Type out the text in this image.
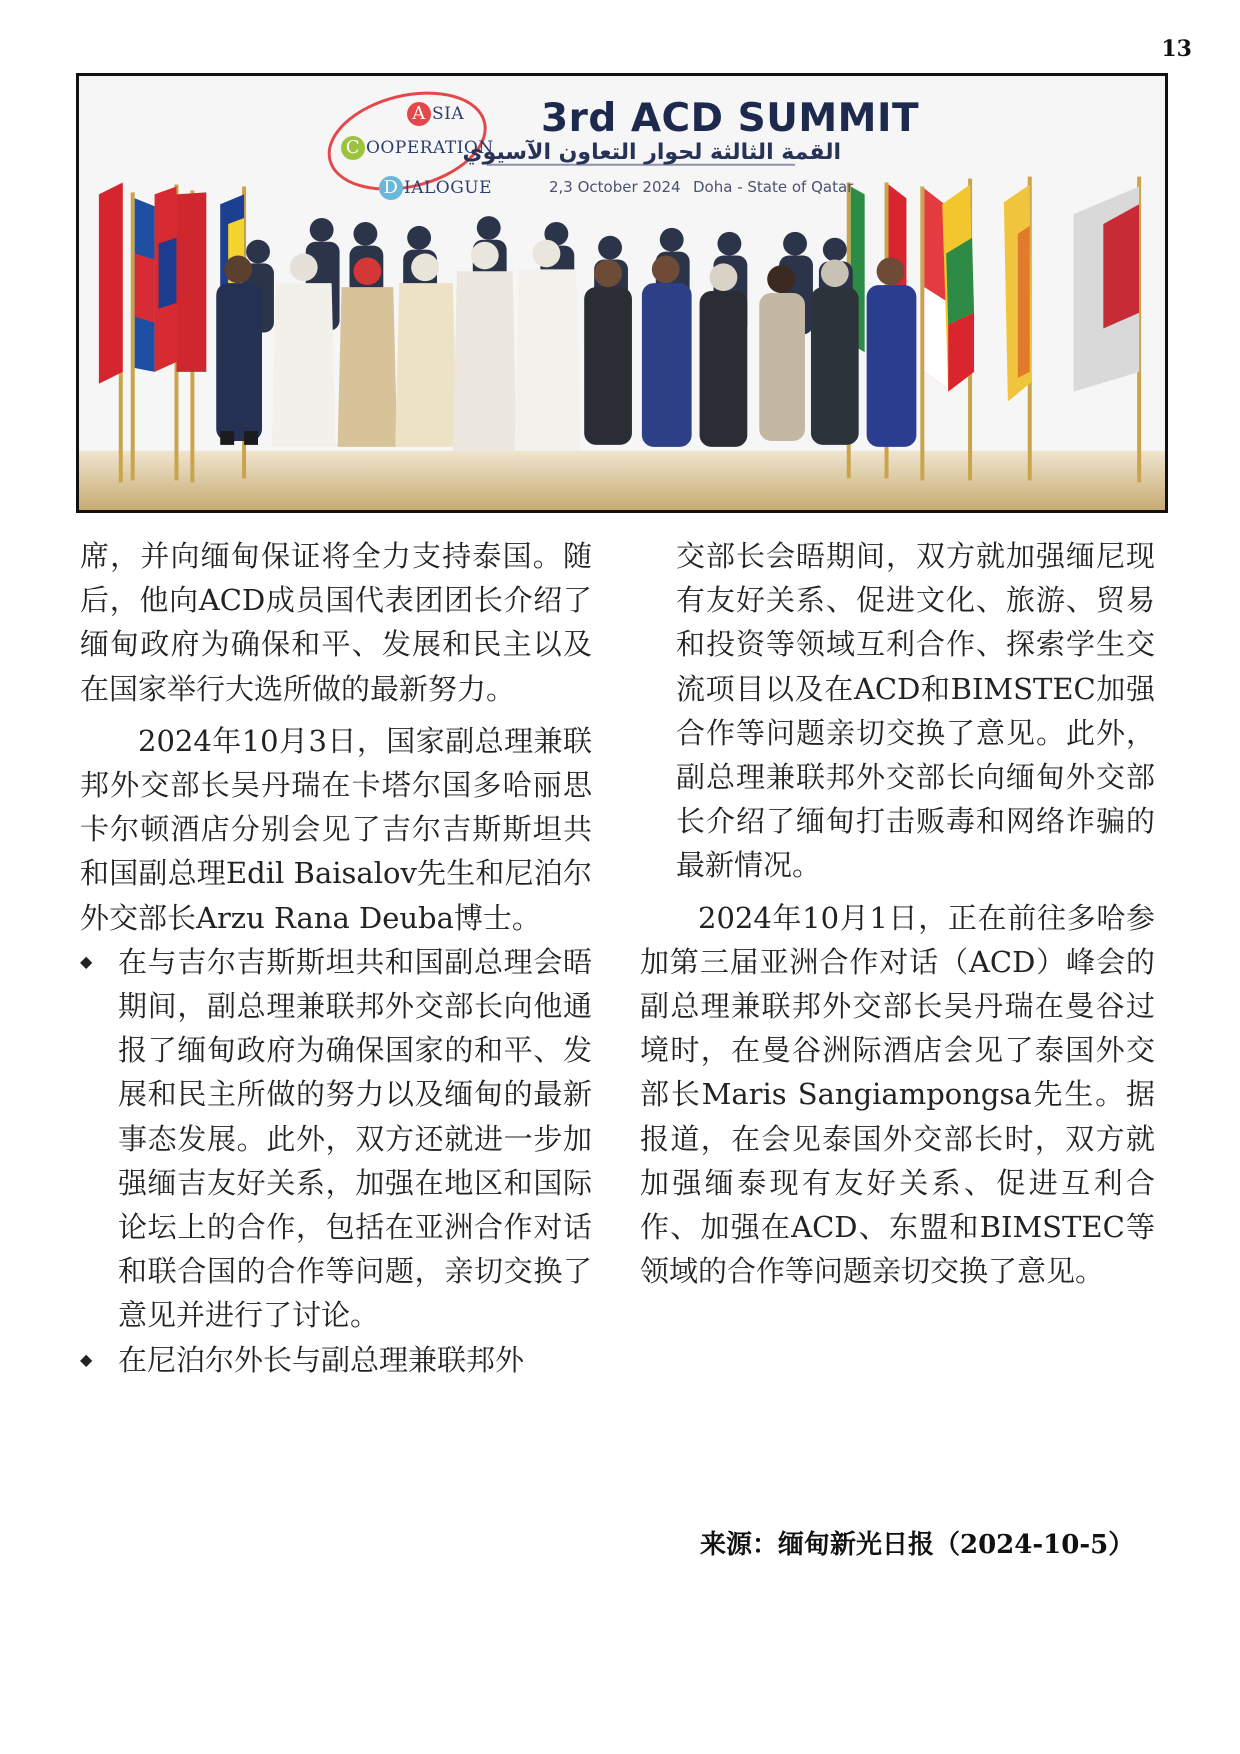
13
A SIA
C OOPERATION
D IALOGUE
3rd ACD SUMMIT
القمة الثالثة لحوار التعاون الآسيوي
2,3 October 2024 Doha - State of Qatar

席，并向缅甸保证将全力支持泰国。随后，他向ACD成员国代表团团长介绍了缅甸政府为确保和平、发展和民主以及在国家举行大选所做的最新努力。

2024年10月3日，国家副总理兼联邦外交部长吴丹瑞在卡塔尔国多哈丽思卡尔顿酒店分别会见了吉尔吉斯斯坦共和国副总理Edil Baisalov先生和尼泊尔外交部长Arzu Rana Deuba博士。

◆ 在与吉尔吉斯斯坦共和国副总理会晤期间，副总理兼联邦外交部长向他通报了缅甸政府为确保国家的和平、发展和民主所做的努力以及缅甸的最新事态发展。此外，双方还就进一步加强缅吉友好关系，加强在地区和国际论坛上的合作，包括在亚洲合作对话和联合国的合作等问题，亲切交换了意见并进行了讨论。
◆ 在尼泊尔外长与副总理兼联邦外

交部长会晤期间，双方就加强缅尼现有友好关系、促进文化、旅游、贸易和投资等领域互利合作、探索学生交流项目以及在ACD和BIMSTEC加强合作等问题亲切交换了意见。此外，副总理兼联邦外交部长向缅甸外交部长介绍了缅甸打击贩毒和网络诈骗的最新情况。

2024年10月1日，正在前往多哈参加第三届亚洲合作对话（ACD）峰会的副总理兼联邦外交部长吴丹瑞在曼谷过境时，在曼谷洲际酒店会见了泰国外交部长Maris Sangiampongsa先生。据报道，在会见泰国外交部长时，双方就加强缅泰现有友好关系、促进互利合作、加强在ACD、东盟和BIMSTEC等领域的合作等问题亲切交换了意见。

来源：缅甸新光日报（2024-10-5）
